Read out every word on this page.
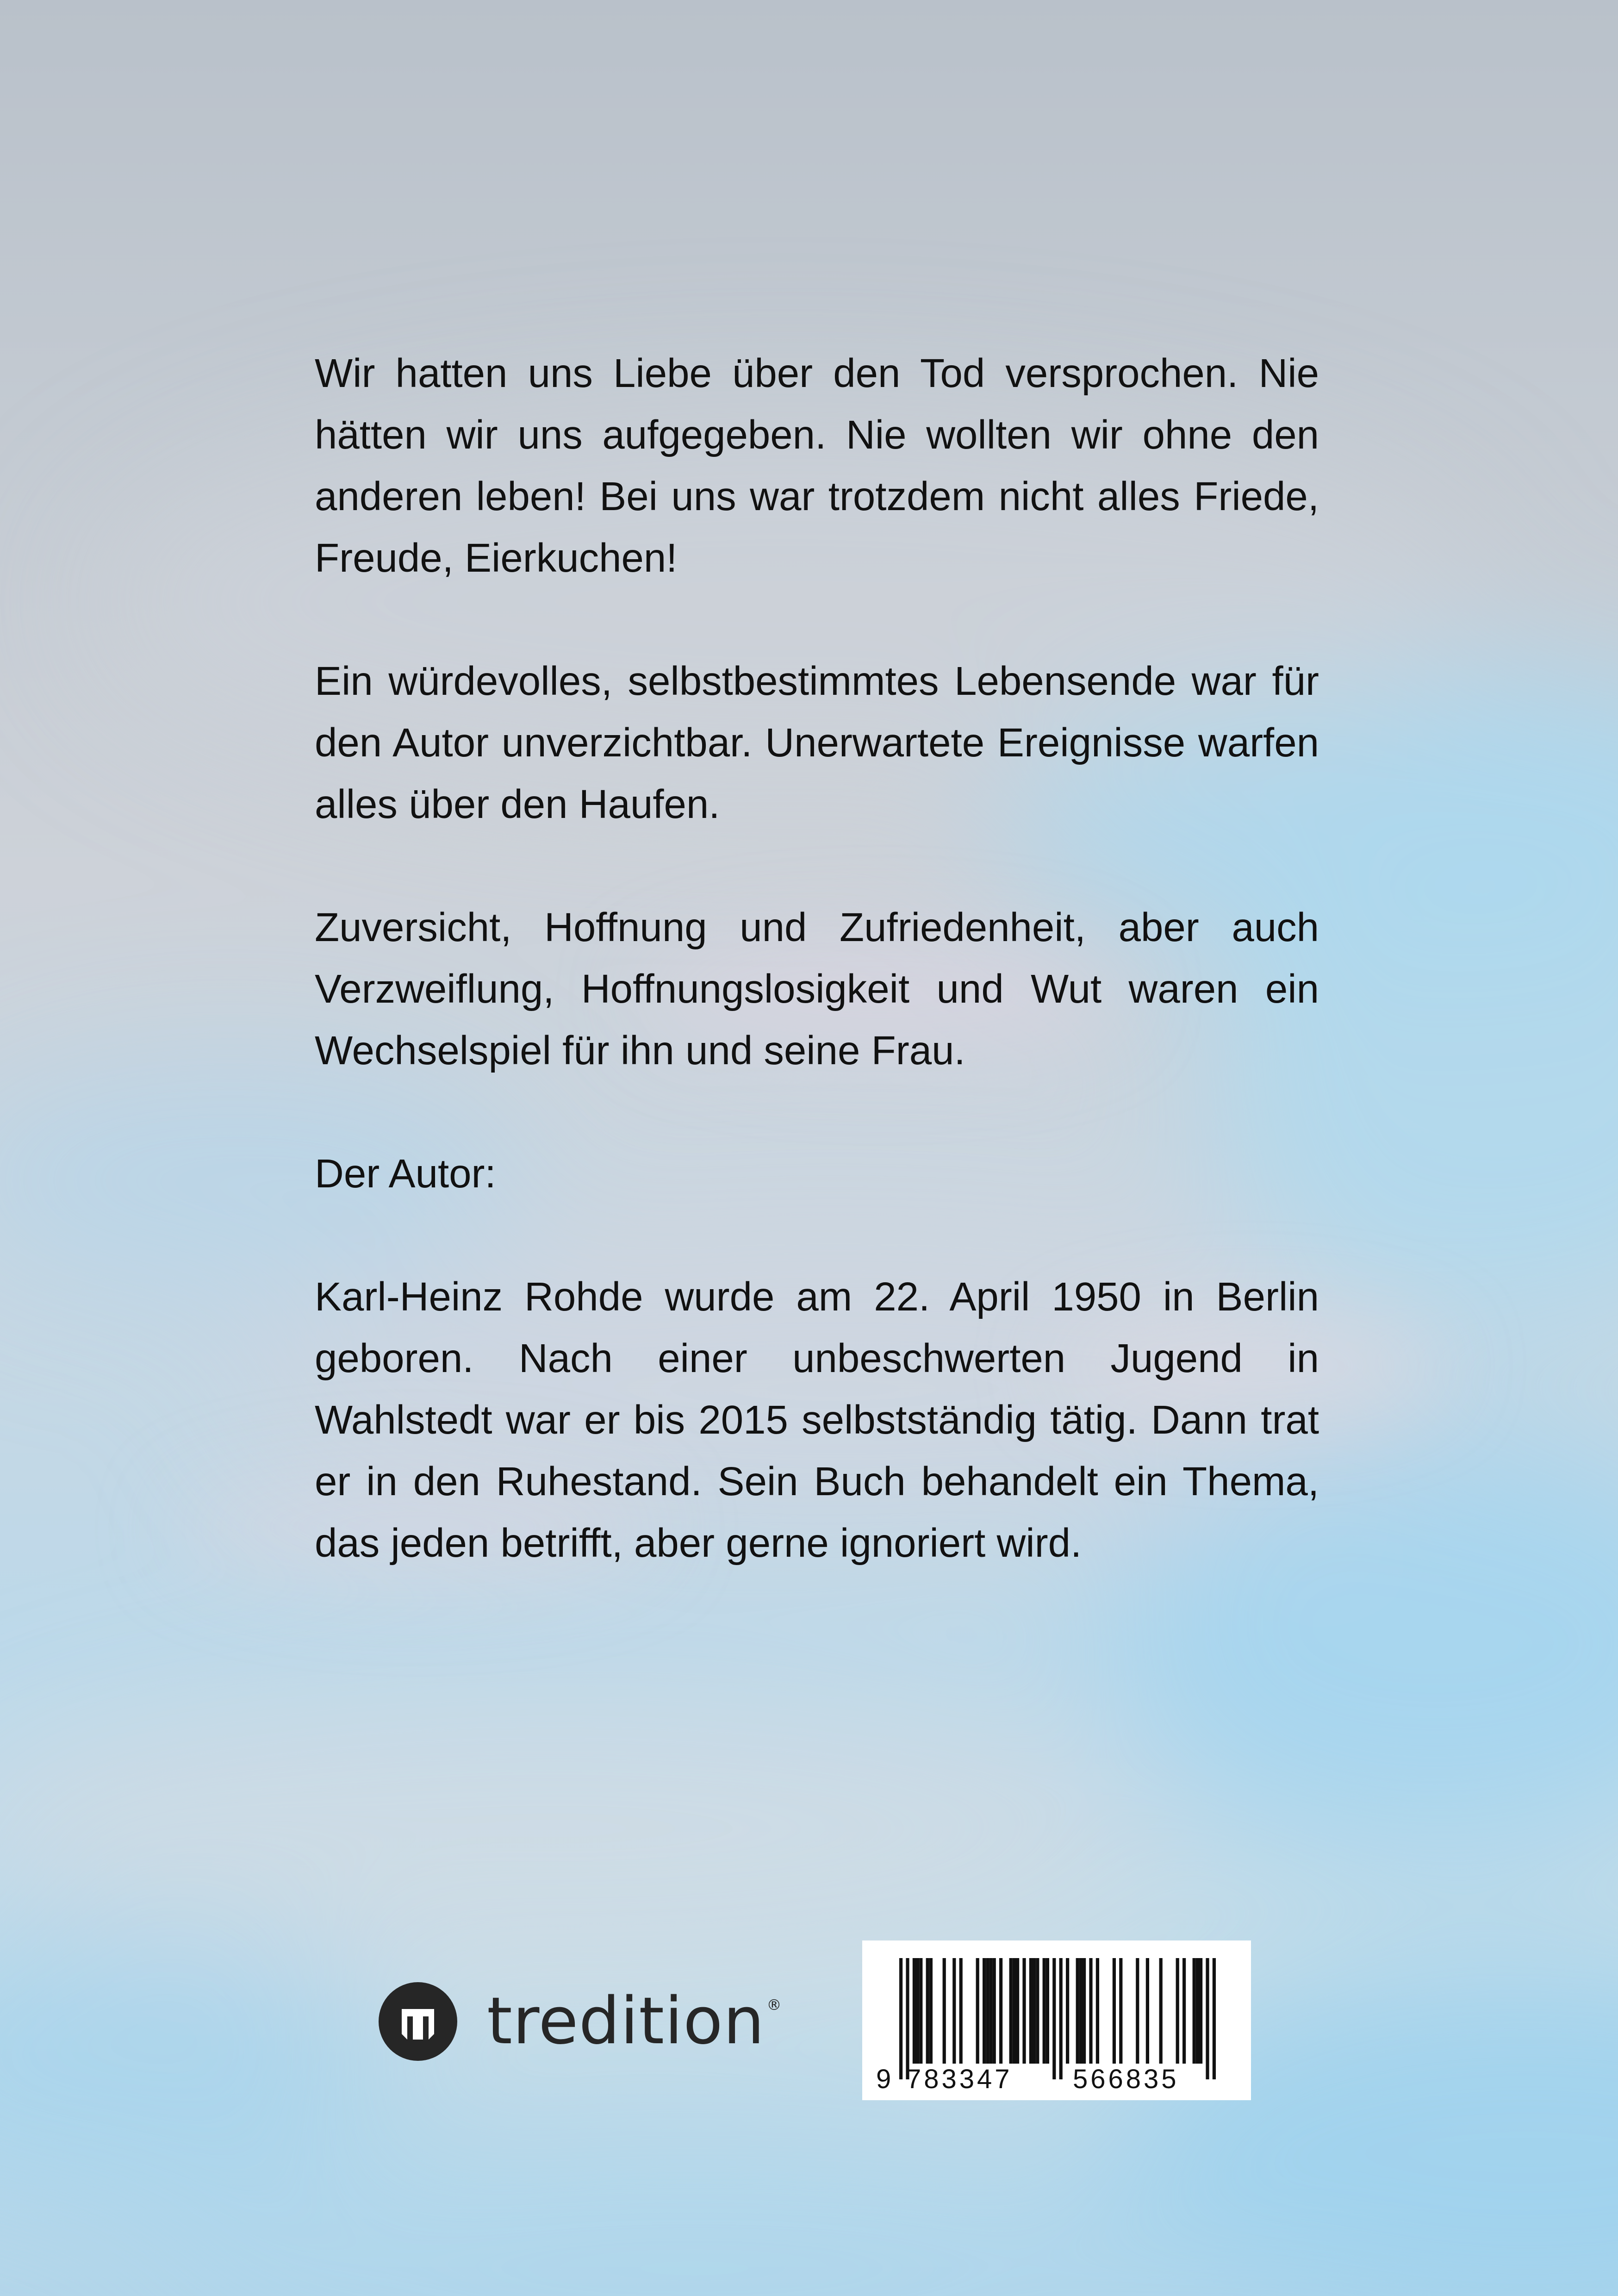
Wir hatten uns Liebe über den Tod versprochen. Nie hätten wir uns aufgegeben. Nie wollten wir ohne den anderen leben! Bei uns war trotzdem nicht alles Friede, Freude, Eierkuchen!

Ein würdevolles, selbstbestimmtes Lebensende war für den Autor unverzichtbar. Unerwartete Ereignisse warfen alles über den Haufen.

Zuversicht, Hoffnung und Zufriedenheit, aber auch Verzweiflung, Hoffnungslosigkeit und Wut waren ein Wechselspiel für ihn und seine Frau.

Der Autor:

Karl-Heinz Rohde wurde am 22. April 1950 in Berlin geboren. Nach einer unbeschwerten Jugend in Wahlstedt war er bis 2015 selbstständig tätig. Dann trat er in den Ruhestand. Sein Buch behandelt ein Thema, das jeden betrifft, aber gerne ignoriert wird.

tredition ®
9 783347 566835
